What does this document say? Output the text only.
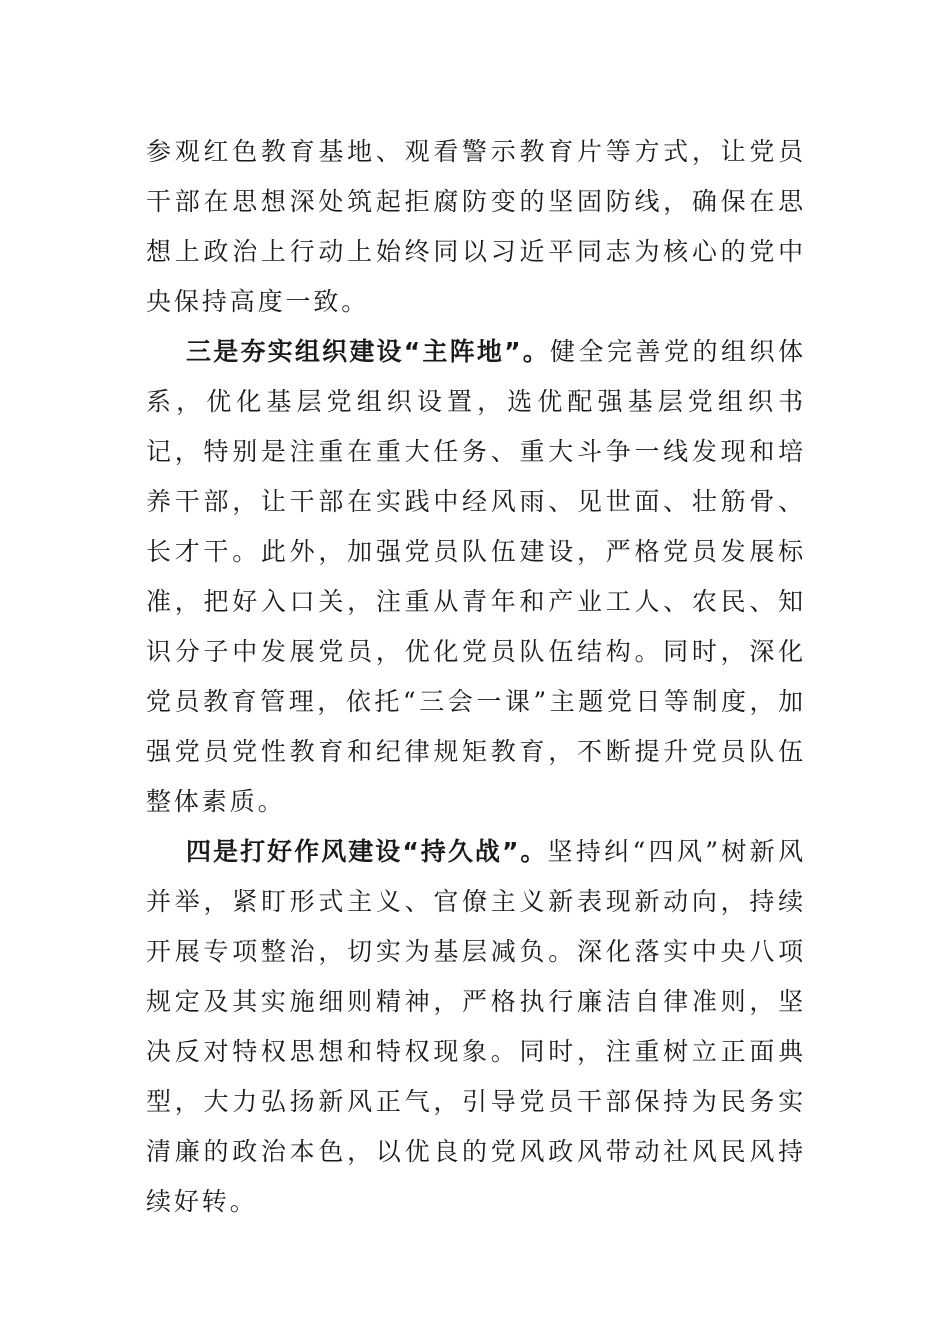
参观红色教育基地、观看警示教育片等方式，让党员干部在思想深处筑起拒腐防变的坚固防线，确保在思想上政治上行动上始终同以习近平同志为核心的党中央保持高度一致。

三是夯实组织建设“主阵地”。健全完善党的组织体系，优化基层党组织设置，选优配强基层党组织书记，特别是注重在重大任务、重大斗争一线发现和培养干部，让干部在实践中经风雨、见世面、壮筋骨、长才干。此外，加强党员队伍建设，严格党员发展标准，把好入口关，注重从青年和产业工人、农民、知识分子中发展党员，优化党员队伍结构。同时，深化党员教育管理，依托“三会一课”主题党日等制度，加强党员党性教育和纪律规矩教育，不断提升党员队伍整体素质。

四是打好作风建设“持久战”。坚持纠“四风”树新风并举，紧盯形式主义、官僚主义新表现新动向，持续开展专项整治，切实为基层减负。深化落实中央八项规定及其实施细则精神，严格执行廉洁自律准则，坚决反对特权思想和特权现象。同时，注重树立正面典型，大力弘扬新风正气，引导党员干部保持为民务实清廉的政治本色，以优良的党风政风带动社风民风持续好转。
